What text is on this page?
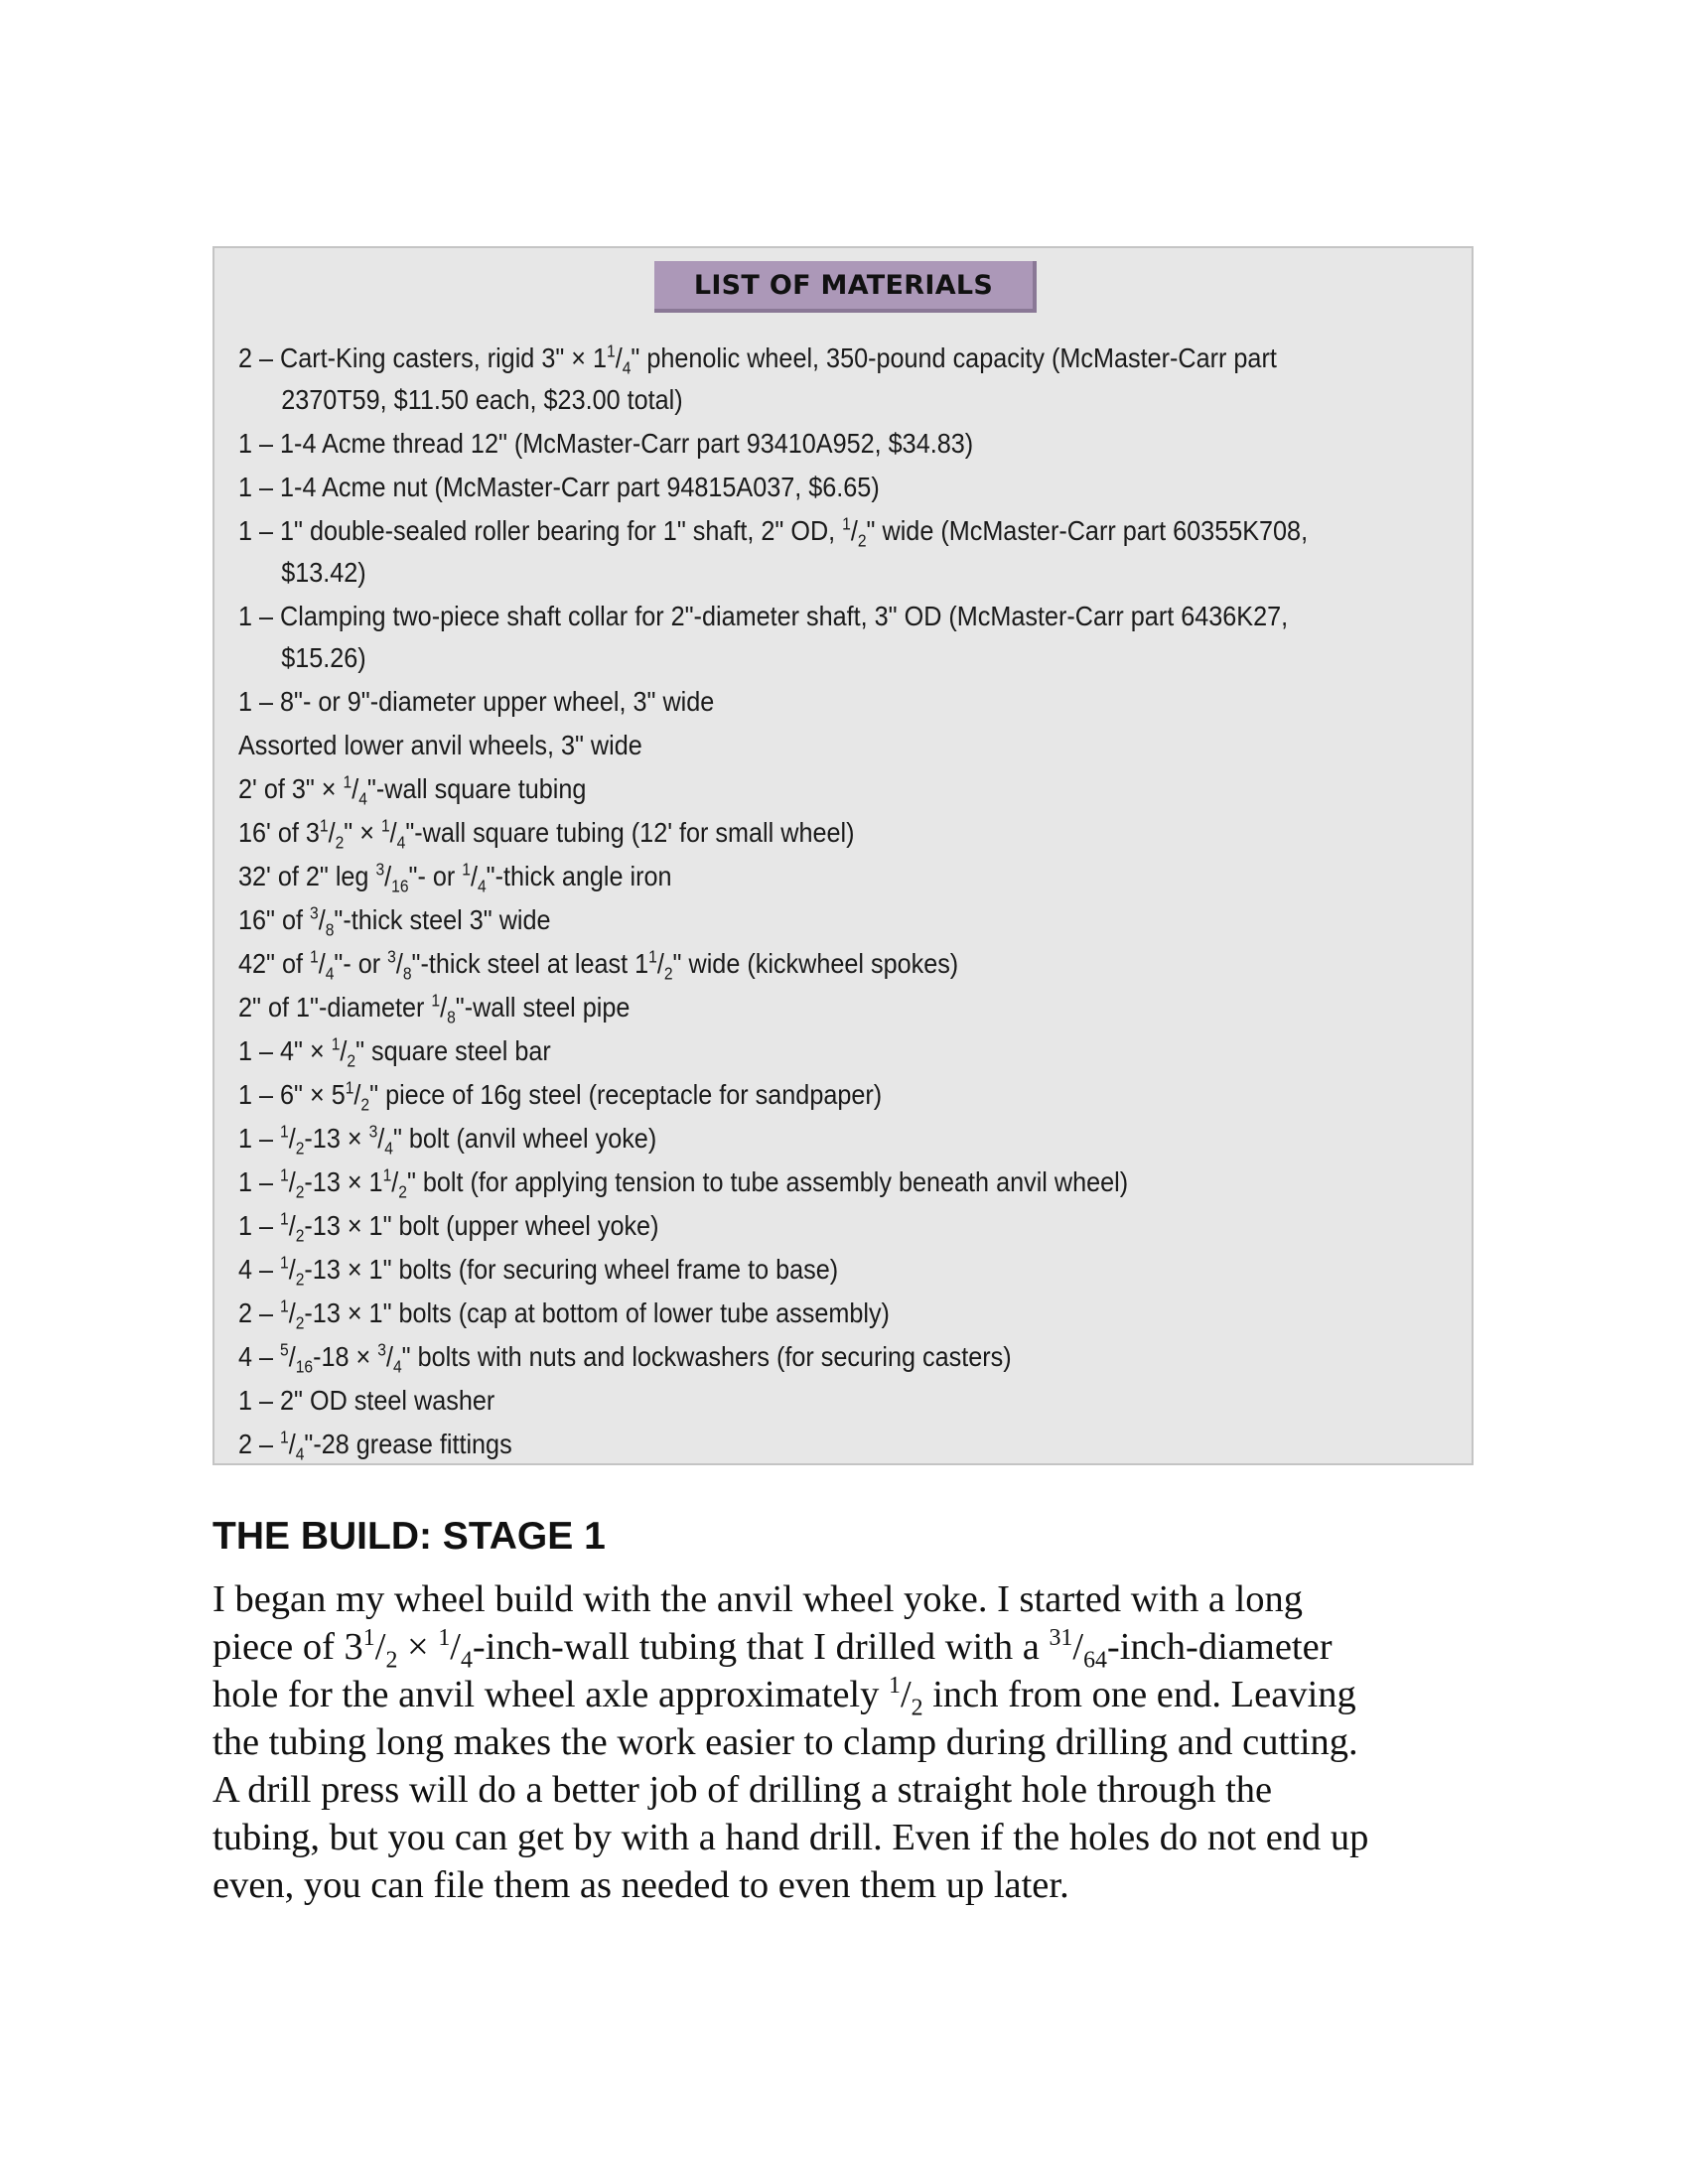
LIST OF MATERIALS
2 – Cart-King casters, rigid 3" × $1^1/_4$" phenolic wheel, 350-pound capacity (McMaster-Carr part 2370T59, $11.50 each, $23.00 total)
1 – 1-4 Acme thread 12" (McMaster-Carr part 93410A952, $34.83)
1 – 1-4 Acme nut (McMaster-Carr part 94815A037, $6.65)
1 – 1" double-sealed roller bearing for 1" shaft, 2" OD, $^1/_2$" wide (McMaster-Carr part 60355K708, $13.42)
1 – Clamping two-piece shaft collar for 2"-diameter shaft, 3" OD (McMaster-Carr part 6436K27, $15.26)
1 – 8"- or 9"-diameter upper wheel, 3" wide
Assorted lower anvil wheels, 3" wide
2' of 3" × $^1/_4$"-wall square tubing
16' of $3^1/_2$" × $^1/_4$"-wall square tubing (12' for small wheel)
32' of 2" leg $^3/_{16}"-$ or $^1/_4$"-thick angle iron
16" of $^3/_8$"-thick steel 3" wide
42" of $^1/_4"-$ or $^3/_8$"-thick steel at least $1^1/_2$" wide (kickwheel spokes)
2" of 1"-diameter $^1/_8$"-wall steel pipe
1 – 4" × $^1/_2$" square steel bar
1 – 6" × $5^1/_2$" piece of 16g steel (receptacle for sandpaper)
$1 - ^1/_2-13 \times ^3/_4$" bolt (anvil wheel yoke)
$1 - ^1/_2-13 \times 1^1/_2$" bolt (for applying tension to tube assembly beneath anvil wheel)
$1 - ^1/_2-13 \times 1$" bolt (upper wheel yoke)
$4 - ^1/_2-13 \times 1$" bolts (for securing wheel frame to base)
$2 - ^1/_2-13 \times 1$" bolts (cap at bottom of lower tube assembly)
$4 - ^5/_{16}-18 \times ^3/_4$" bolts with nuts and lockwashers (for securing casters)
1 – 2" OD steel washer
$2 - ^1/_4"-28$ grease fittings
THE BUILD: STAGE 1

I began my wheel build with the anvil wheel yoke. I started with a long
piece of $3^1/_2$ × $^1/_4-inch$-wall tubing that I drilled with a $^{31}/_{64}-inch$-diameter
hole for the anvil wheel axle approximately $^1/_2$ inch from one end. Leaving
the tubing long makes the work easier to clamp during drilling and cutting.
A drill press will do a better job of drilling a straight hole through the
tubing, but you can get by with a hand drill. Even if the holes do not end up
even, you can file them as needed to even them up later.
